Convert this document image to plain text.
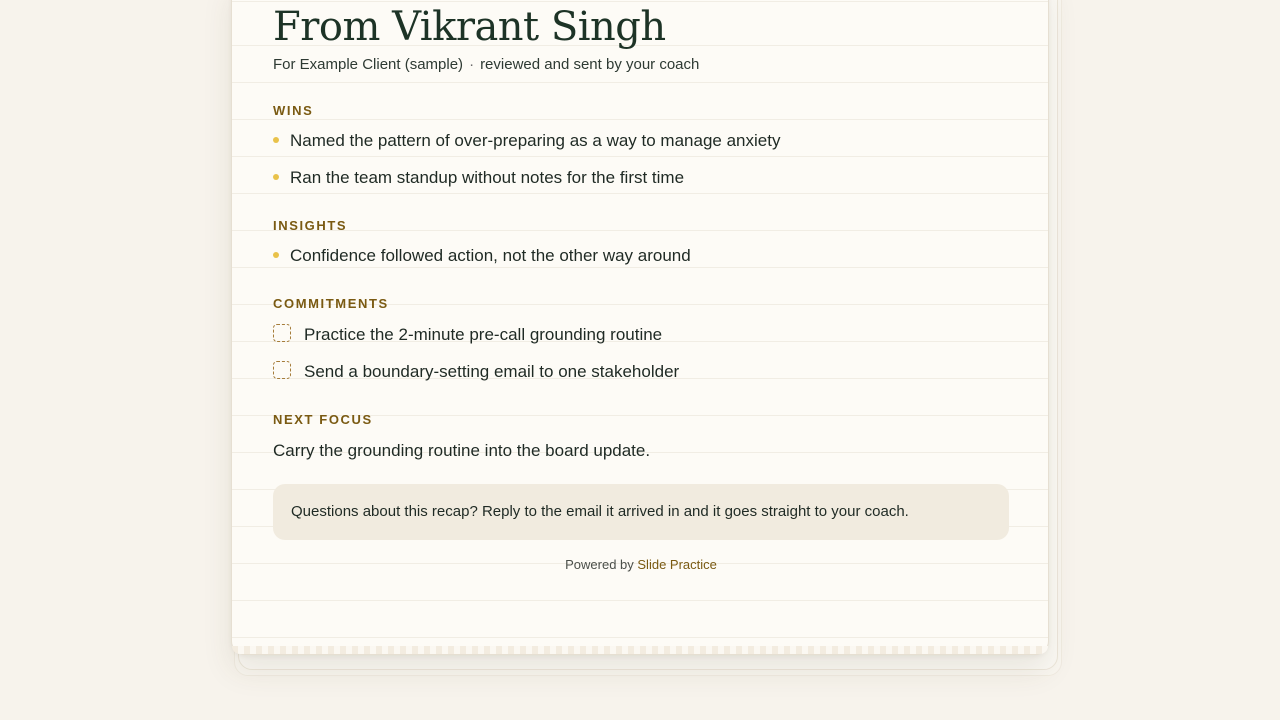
From Vikrant Singh
For Example Client (sample) · reviewed and sent by your coach
WINS
Named the pattern of over-preparing as a way to manage anxiety
Ran the team standup without notes for the first time
INSIGHTS
Confidence followed action, not the other way around
COMMITMENTS
Practice the 2-minute pre-call grounding routine
Send a boundary-setting email to one stakeholder
NEXT FOCUS
Carry the grounding routine into the board update.
Questions about this recap? Reply to the email it arrived in and it goes straight to your coach.
Powered by Slide Practice
